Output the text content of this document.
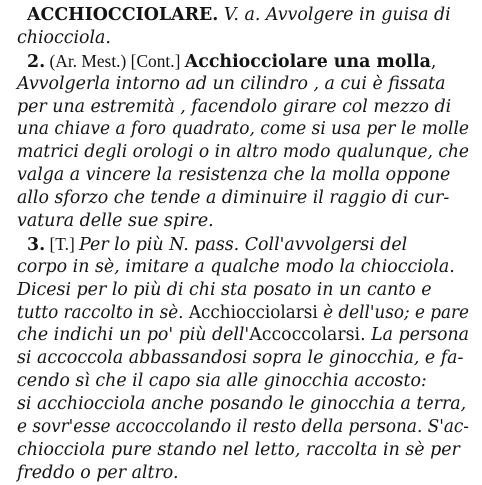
ACCHIOCCIOLARE. V. a. Avvolgere in guisa di
chiocciola.
2. (Ar. Mest.) [Cont.] Acchiocciolare una molla,
Avvolgerla intorno ad un cilindro , a cui è fissata
per una estremità , facendolo girare col mezzo di
una chiave a foro quadrato, come si usa per le molle
matrici degli orologi o in altro modo qualunque, che
valga a vincere la resistenza che la molla oppone
allo sforzo che tende a diminuire il raggio di cur-
vatura delle sue spire.
3. [T.] Per lo più N. pass. Coll'avvolgersi del
corpo in sè, imitare a qualche modo la chiocciola.
Dicesi per lo più di chi sta posato in un canto e
tutto raccolto in sè. Acchiocciolarsi è dell'uso; e pare
che indichi un po' più dell'Accoccolarsi. La persona
si accoccola abbassandosi sopra le ginocchia, e fa-
cendo sì che il capo sia alle ginocchia accosto:
si acchiocciola anche posando le ginocchia a terra,
e sovr'esse accoccolando il resto della persona. S'ac-
chiocciola pure stando nel letto, raccolta in sè per
freddo o per altro.
